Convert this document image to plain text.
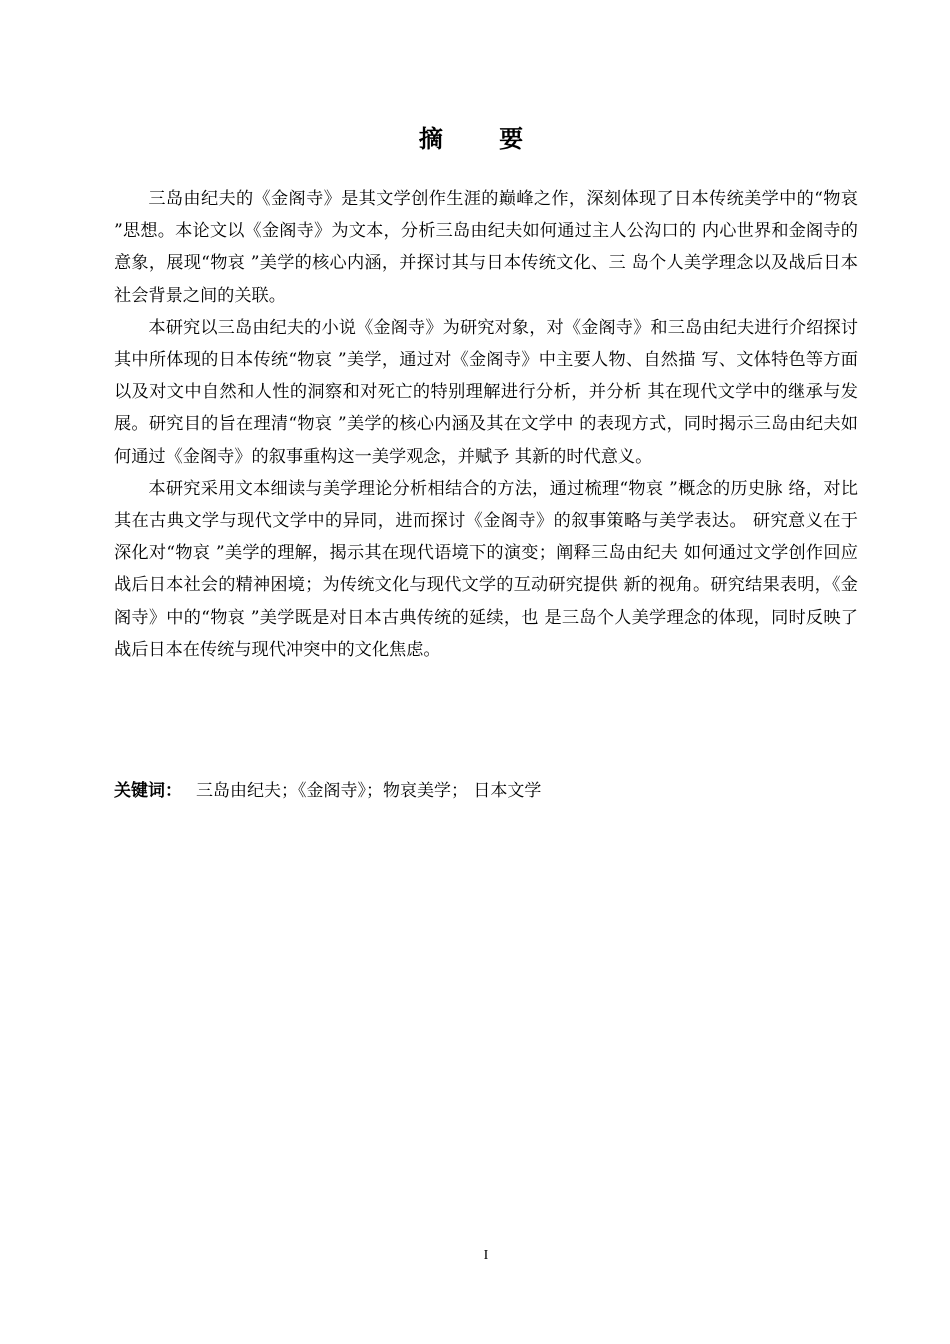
摘 要

三岛由纪夫的《金阁寺》是其文学创作生涯的巅峰之作，深刻体现了日本传统美学中的“物哀 ”思想。本论文以《金阁寺》为文本，分析三岛由纪夫如何通过主人公沟口的 内心世界和金阁寺的意象，展现“物哀 ”美学的核心内涵，并探讨其与日本传统文化、三 岛个人美学理念以及战后日本社会背景之间的关联。

本研究以三岛由纪夫的小说《金阁寺》为研究对象，对《金阁寺》和三岛由纪夫进行介绍探讨其中所体现的日本传统“物哀 ”美学，通过对《金阁寺》中主要人物、自然描 写、文体特色等方面以及对文中自然和人性的洞察和对死亡的特别理解进行分析，并分析 其在现代文学中的继承与发展。研究目的旨在理清“物哀 ”美学的核心内涵及其在文学中 的表现方式，同时揭示三岛由纪夫如何通过《金阁寺》的叙事重构这一美学观念，并赋予 其新的时代意义。

本研究采用文本细读与美学理论分析相结合的方法，通过梳理“物哀 ”概念的历史脉 络，对比其在古典文学与现代文学中的异同，进而探讨《金阁寺》的叙事策略与美学表达。 研究意义在于深化对“物哀 ”美学的理解，揭示其在现代语境下的演变；阐释三岛由纪夫 如何通过文学创作回应战后日本社会的精神困境；为传统文化与现代文学的互动研究提供 新的视角。研究结果表明，《金阁寺》中的“物哀 ”美学既是对日本古典传统的延续，也 是三岛个人美学理念的体现，同时反映了战后日本在传统与现代冲突中的文化焦虑。

关键词： 三岛由纪夫；《金阁寺》；物哀美学； 日本文学
I
